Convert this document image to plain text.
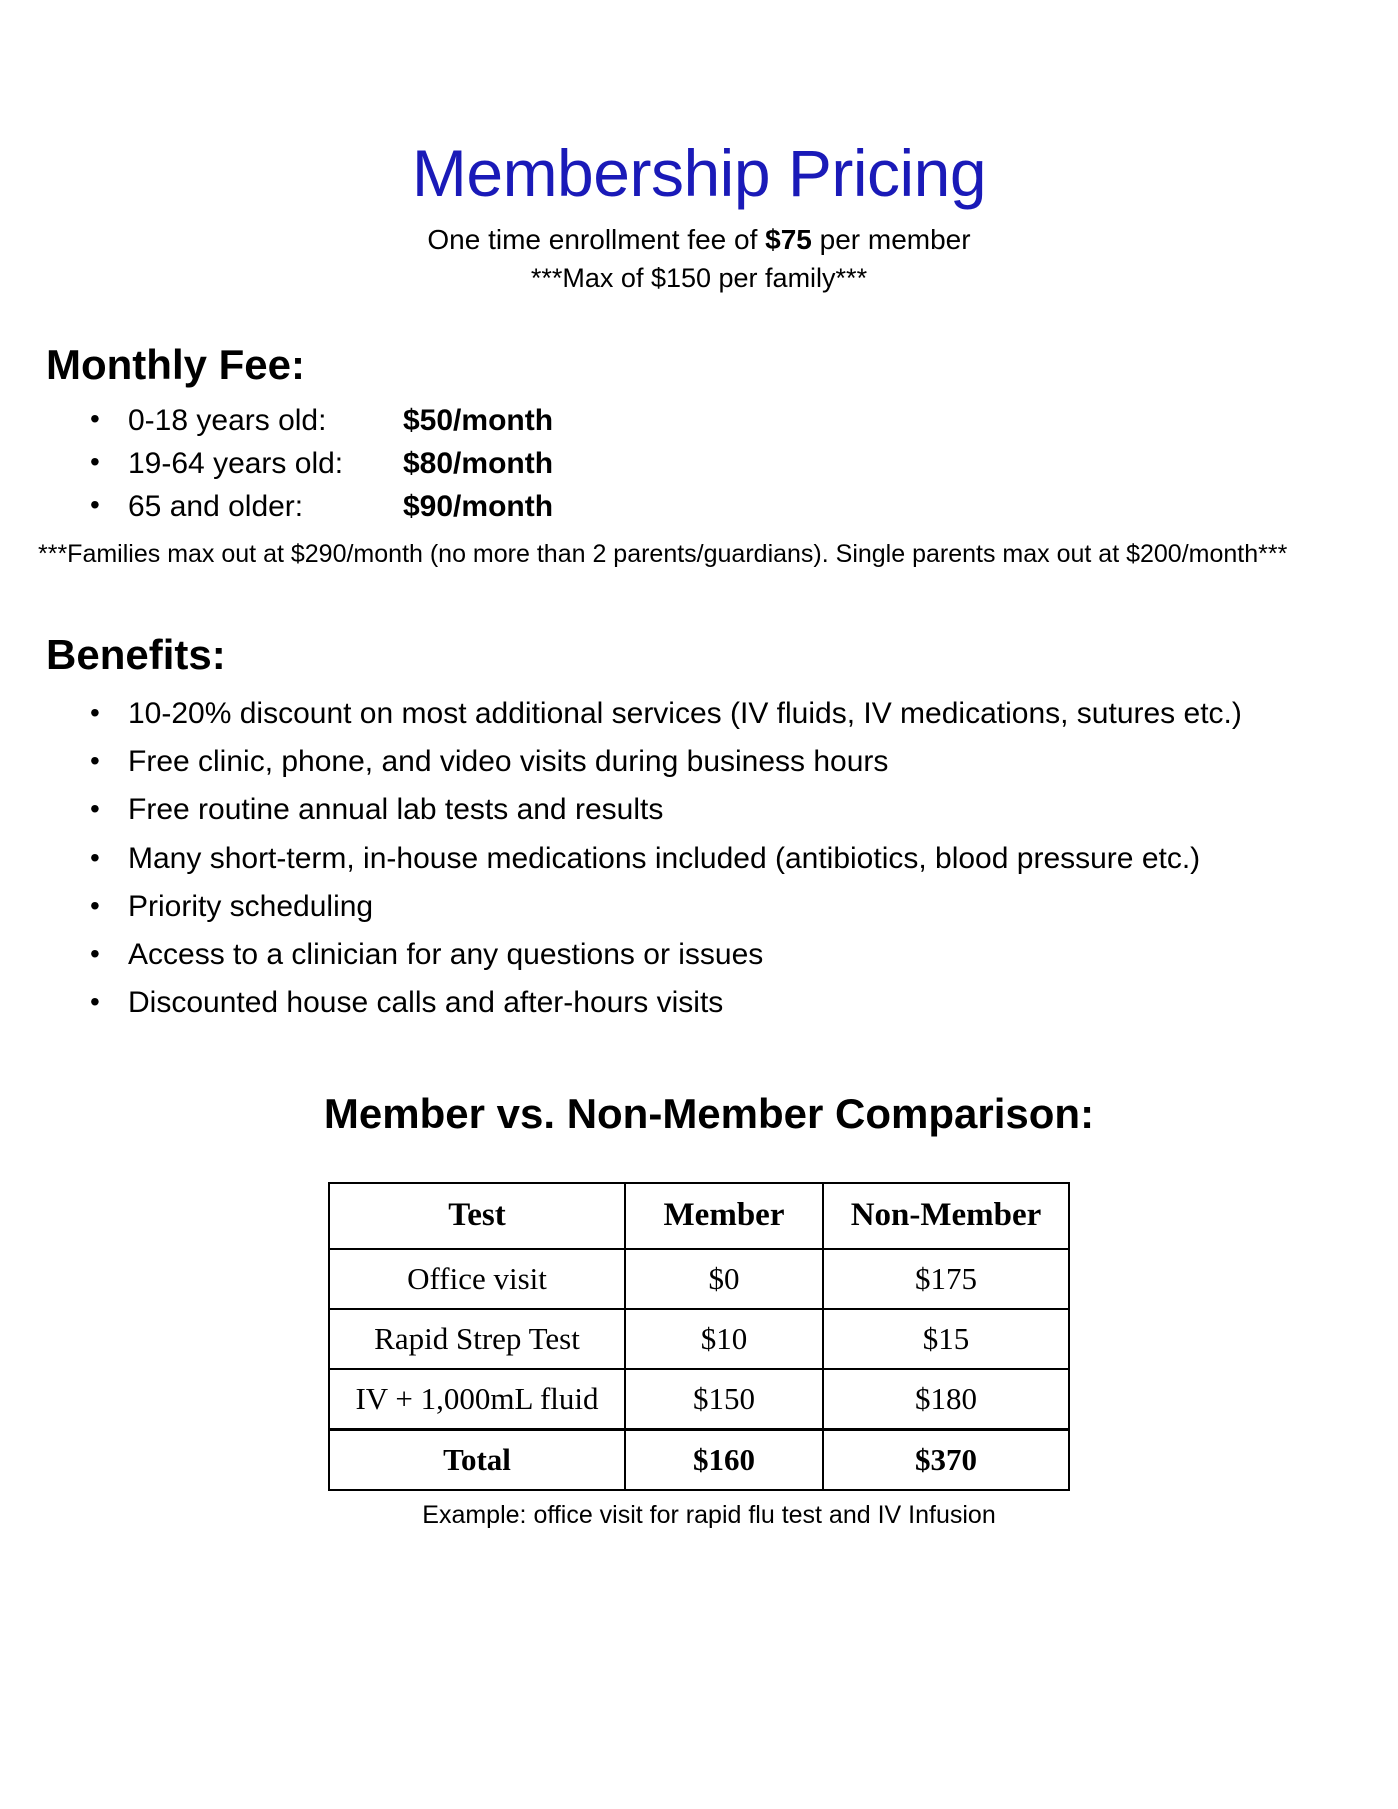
Membership Pricing

One time enrollment fee of $75 per member

***Max of $150 per family***

Monthly Fee:
• 0-18 years old:	$50/month
• 19-64 years old:	$80/month
• 65 and older:	$90/month

***Families max out at $290/month (no more than 2 parents/guardians). Single parents max out at $200/month***

Benefits:
• 10-20% discount on most additional services (IV fluids, IV medications, sutures etc.)
• Free clinic, phone, and video visits during business hours
• Free routine annual lab tests and results
• Many short-term, in-house medications included (antibiotics, blood pressure etc.)
• Priority scheduling
• Access to a clinician for any questions or issues
• Discounted house calls and after-hours visits
Member vs. Non-Member Comparison:
Test	Member	Non-Member
Office visit	$0	$175
Rapid Strep Test	$10	$15
IV + 1,000mL fluid	$150	$180
Total	$160	$370

Example: office visit for rapid flu test and IV Infusion
